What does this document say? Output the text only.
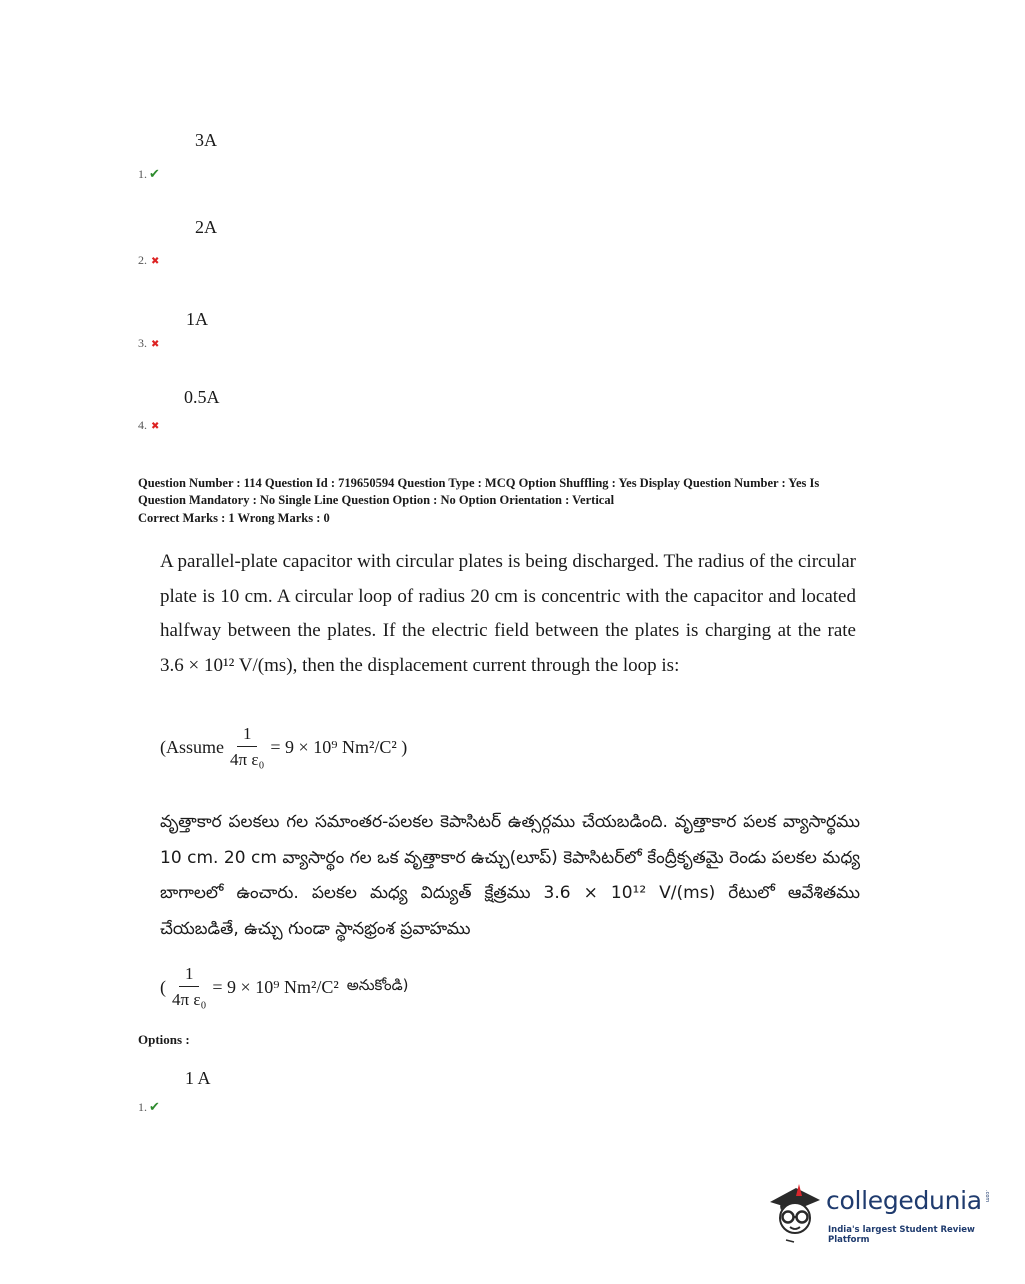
3A
1. ✔
2A
2. ✖
1A
3. ✖
0.5A
4. ✖
Question Number : 114 Question Id : 719650594 Question Type : MCQ Option Shuffling : Yes Display Question Number : Yes Is
Question Mandatory : No Single Line Question Option : No Option Orientation : Vertical
Correct Marks : 1 Wrong Marks : 0
A parallel-plate capacitor with circular plates is being discharged. The radius of the circular plate is 10 cm. A circular loop of radius 20 cm is concentric with the capacitor and located halfway between the plates. If the electric field between the plates is charging at the rate 3.6 × 10¹² V/(ms), then the displacement current through the loop is:
(Assume $\frac{1}{\text{4π ε₀}} = 9 \times 10^9$ Nm²/C² )
వృత్తాకార పలకలు గల సమాంతర-పలకల కెపాసిటర్ ఉత్సర్గము చేయబడింది. వృత్తాకార పలక వ్యాసార్థము 10 cm. 20 cm వ్యాసార్థం గల ఒక వృత్తాకార ఉచ్చు(లూప్) కెపాసిటర్‌లో కేంద్రీకృతమై రెండు పలకల మధ్య బాగాలలో ఉంచారు. పలకల మధ్య విద్యుత్ క్షేత్రము 3.6 × 10¹² V/(ms) రేటులో ఆవేశితము చేయబడితే, ఉచ్చు గుండా స్థానభ్రంశ ప్రవాహము
( $\frac{1}{\text{4π ε₀}} = 9 \times 10^9$ Nm²/C² అనుకోండి)
Options :
1 A
1. ✔
collegedunia .com
India's largest Student Review Platform
